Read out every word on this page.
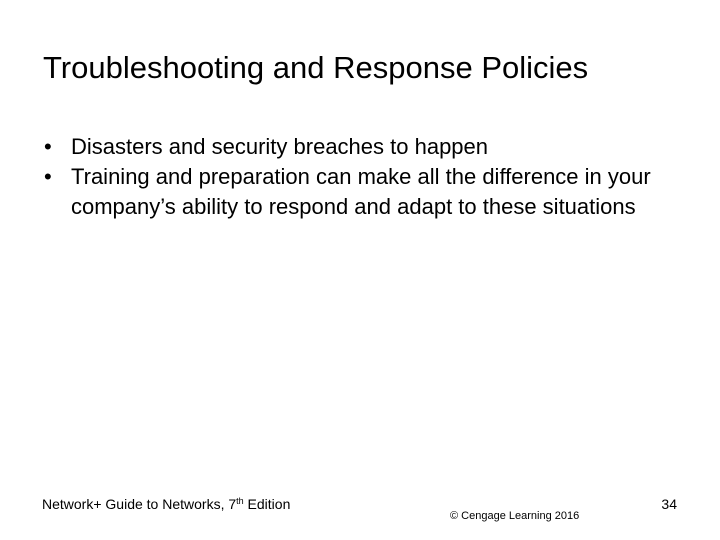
Troubleshooting and Response Policies
• Disasters and security breaches to happen
• Training and preparation can make all the difference in your company’s ability to respond and adapt to these situations
Network+ Guide to Networks, 7th Edition
© Cengage Learning 2016
34
